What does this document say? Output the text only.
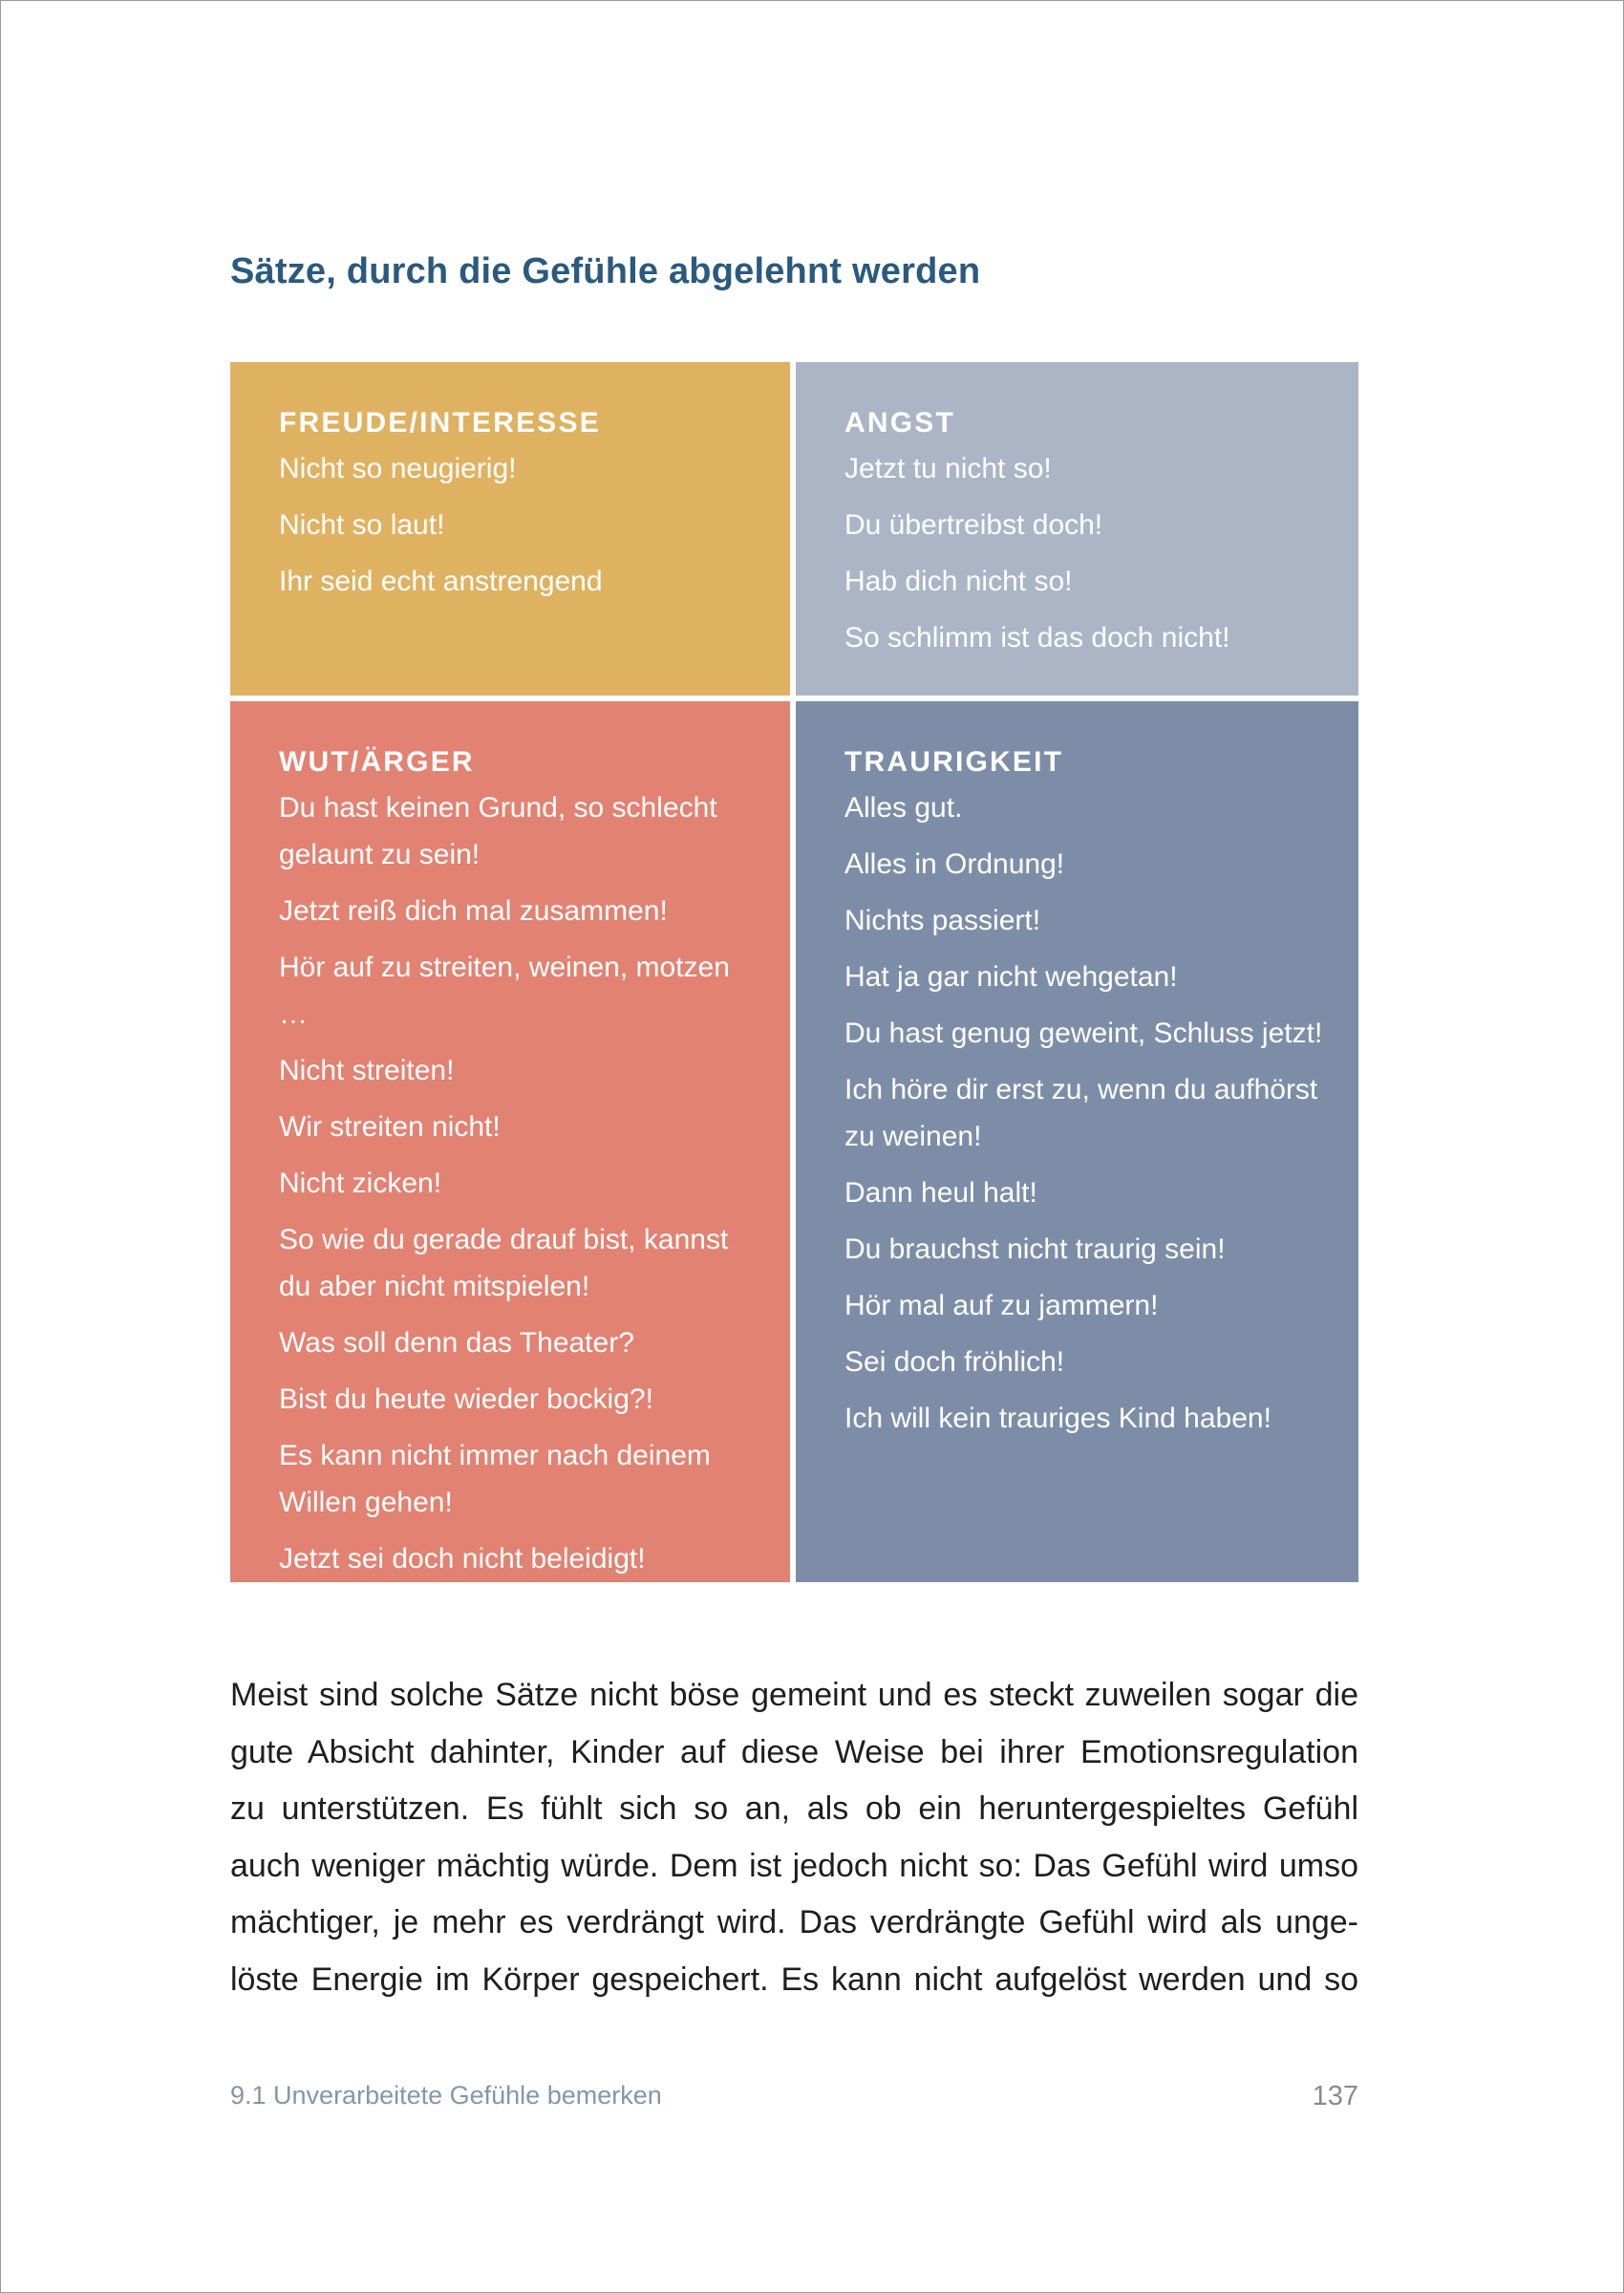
Sätze, durch die Gefühle abgelehnt werden
FREUDE/INTERESSE
Nicht so neugierig!
Nicht so laut!
Ihr seid echt anstrengend
ANGST
Jetzt tu nicht so!
Du übertreibst doch!
Hab dich nicht so!
So schlimm ist das doch nicht!
WUT/ÄRGER
Du hast keinen Grund, so schlecht gelaunt zu sein!
Jetzt reiß dich mal zusammen!
Hör auf zu streiten, weinen, motzen …
Nicht streiten!
Wir streiten nicht!
Nicht zicken!
So wie du gerade drauf bist, kannst du aber nicht mitspielen!
Was soll denn das Theater?
Bist du heute wieder bockig?!
Es kann nicht immer nach deinem Willen gehen!
Jetzt sei doch nicht beleidigt!
TRAURIGKEIT
Alles gut.
Alles in Ordnung!
Nichts passiert!
Hat ja gar nicht wehgetan!
Du hast genug geweint, Schluss jetzt!
Ich höre dir erst zu, wenn du aufhörst zu weinen!
Dann heul halt!
Du brauchst nicht traurig sein!
Hör mal auf zu jammern!
Sei doch fröhlich!
Ich will kein trauriges Kind haben!

Meist sind solche Sätze nicht böse gemeint und es steckt zuweilen sogar die
gute Absicht dahinter, Kinder auf diese Weise bei ihrer Emotionsregulation
zu unterstützen. Es fühlt sich so an, als ob ein heruntergespieltes Gefühl
auch weniger mächtig würde. Dem ist jedoch nicht so: Das Gefühl wird umso
mächtiger, je mehr es verdrängt wird. Das verdrängte Gefühl wird als unge-
löste Energie im Körper gespeichert. Es kann nicht aufgelöst werden und so

9.1 Unverarbeitete Gefühle bemerken	137
